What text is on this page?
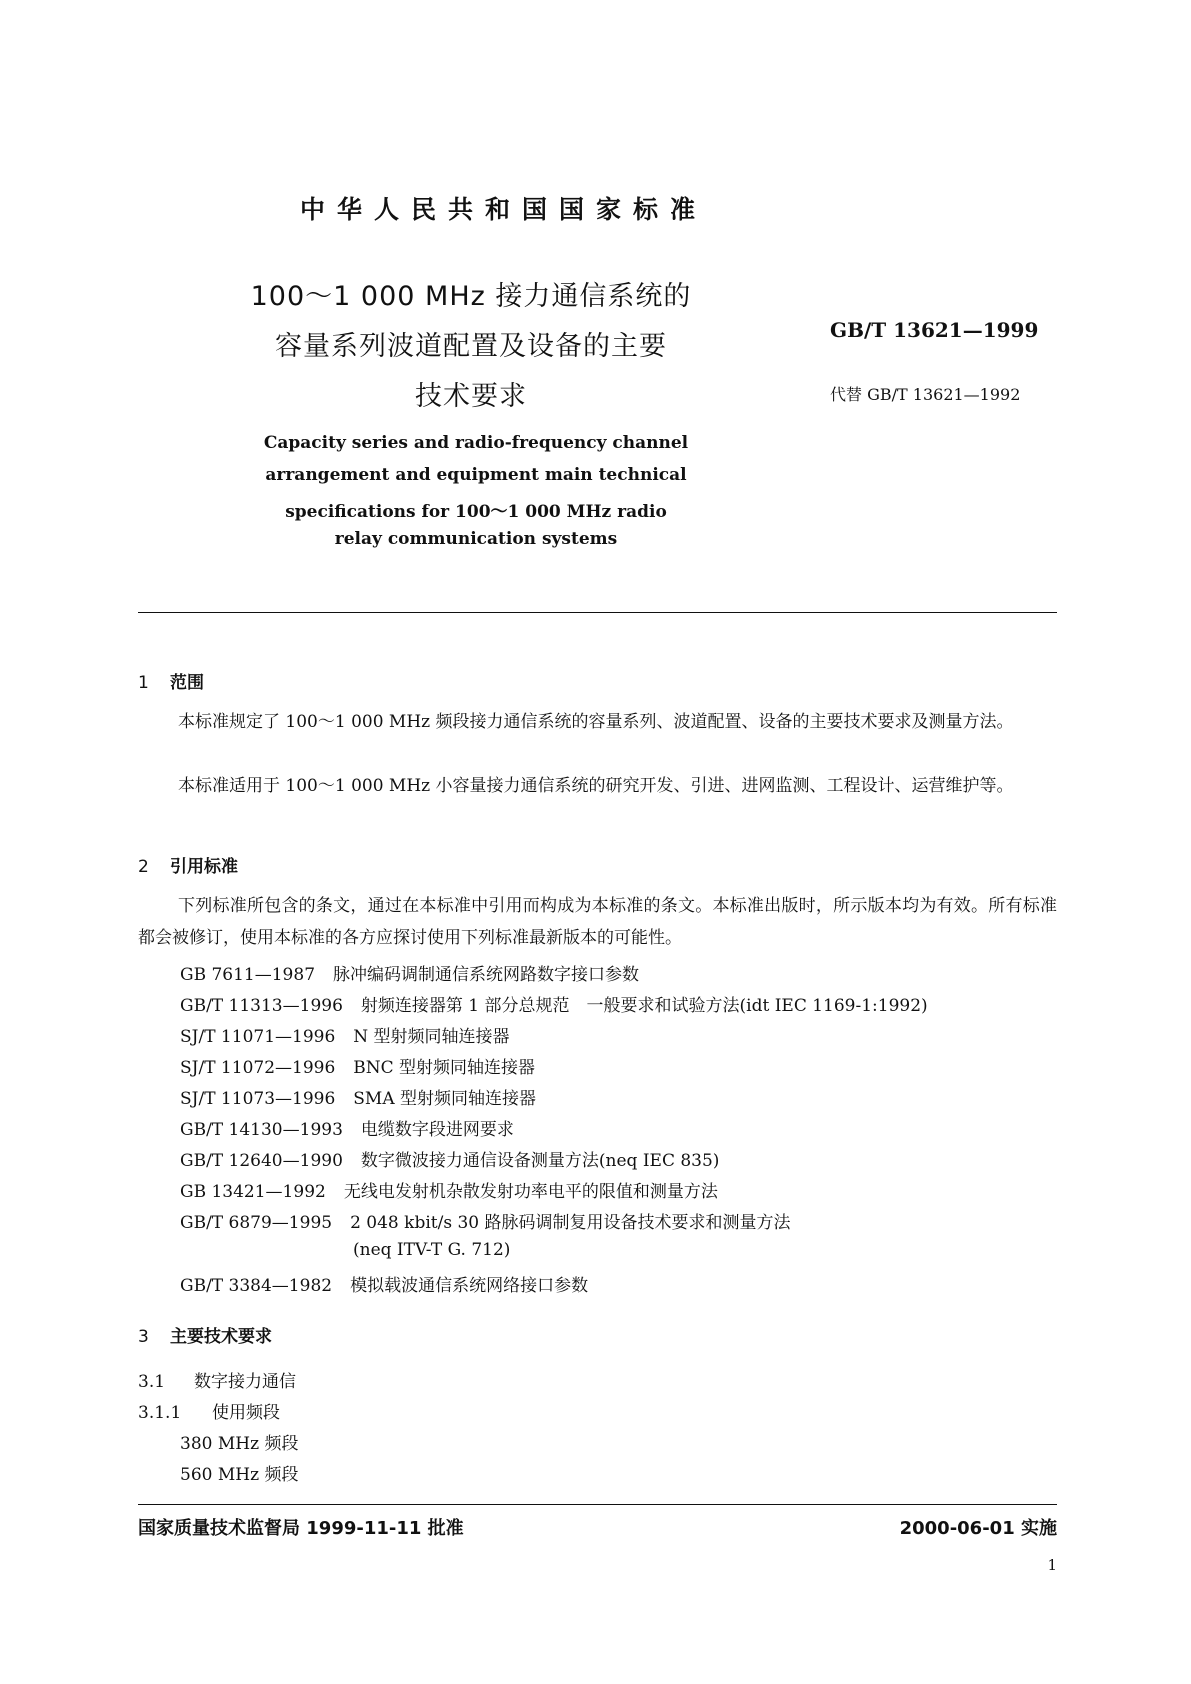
中华人民共和国国家标准
100～1 000 MHz 接力通信系统的
容量系列波道配置及设备的主要
技术要求
GB/T 13621—1999
代替 GB/T 13621—1992
Capacity series and radio-frequency channel
arrangement and equipment main technical
specifications for 100～1 000 MHz radio
relay communication systems
1 范围
本标准规定了 100～1 000 MHz 频段接力通信系统的容量系列、波道配置、设备的主要技术要求及测量方法。
本标准适用于 100～1 000 MHz 小容量接力通信系统的研究开发、引进、进网监测、工程设计、运营维护等。
2 引用标准
下列标准所包含的条文，通过在本标准中引用而构成为本标准的条文。本标准出版时，所示版本均为有效。所有标准都会被修订，使用本标准的各方应探讨使用下列标准最新版本的可能性。
GB 7611—1987 脉冲编码调制通信系统网路数字接口参数
GB/T 11313—1996 射频连接器第 1 部分总规范　一般要求和试验方法(idt IEC 1169-1:1992)
SJ/T 11071—1996 N 型射频同轴连接器
SJ/T 11072—1996 BNC 型射频同轴连接器
SJ/T 11073—1996 SMA 型射频同轴连接器
GB/T 14130—1993 电缆数字段进网要求
GB/T 12640—1990 数字微波接力通信设备测量方法(neq IEC 835)
GB 13421—1992 无线电发射机杂散发射功率电平的限值和测量方法
GB/T 6879—1995 2 048 kbit/s 30 路脉码调制复用设备技术要求和测量方法
(neq ITV-T G. 712)
GB/T 3384—1982 模拟载波通信系统网络接口参数
3 主要技术要求
3.1 数字接力通信
3.1.1 使用频段
380 MHz 频段
560 MHz 频段
国家质量技术监督局 1999-11-11 批准	2000-06-01 实施
1
